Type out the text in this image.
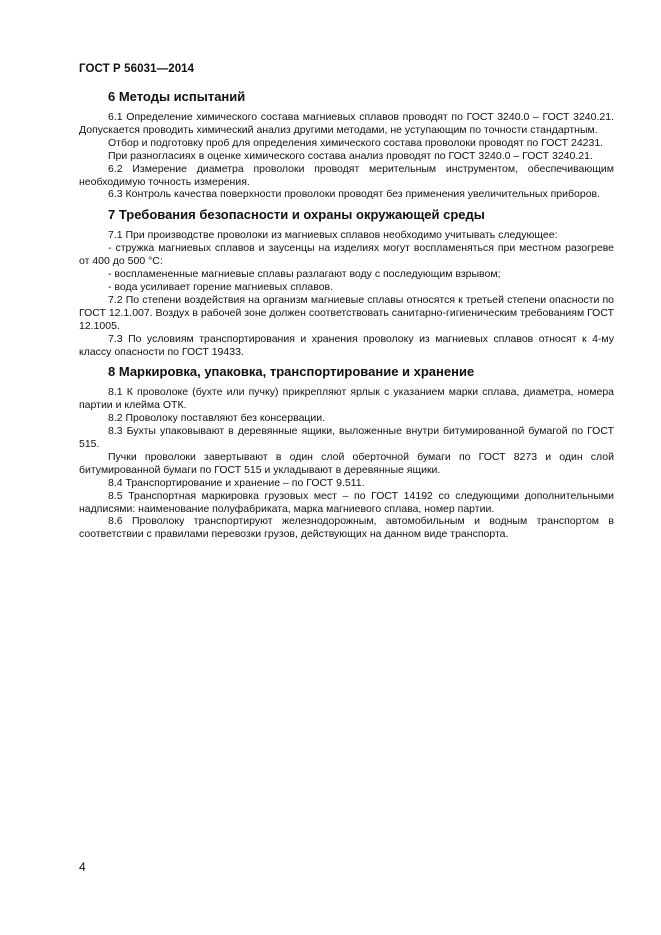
ГОСТ Р 56031—2014
6 Методы испытаний

6.1 Определение химического состава магниевых сплавов проводят по ГОСТ 3240.0 – ГОСТ 3240.21. Допускается проводить химический анализ другими методами, не уступающим по точности стандартным.

Отбор и подготовку проб для определения химического состава проволоки проводят по ГОСТ 24231.

При разногласиях в оценке химического состава анализ проводят по ГОСТ 3240.0 – ГОСТ 3240.21.

6.2 Измерение диаметра проволоки проводят мерительным инструментом, обеспечивающим необходимую точность измерения.

6.3 Контроль качества поверхности проволоки проводят без применения увеличительных приборов.

7 Требования безопасности и охраны окружающей среды

7.1 При производстве проволоки из магниевых сплавов необходимо учитывать следующее:

- стружка магниевых сплавов и заусенцы на изделиях могут воспламеняться при местном разогреве от 400 до 500 °C:

- воспламененные магниевые сплавы разлагают воду с последующим взрывом;

- вода усиливает горение магниевых сплавов.

7.2 По степени воздействия на организм магниевые сплавы относятся к третьей степени опасности по ГОСТ 12.1.007. Воздух в рабочей зоне должен соответствовать санитарно-гигиеническим требованиям ГОСТ 12.1005.

7.3 По условиям транспортирования и хранения проволоку из магниевых сплавов относят к 4-му классу опасности по ГОСТ 19433.

8 Маркировка, упаковка, транспортирование и хранение

8.1 К проволоке (бухте или пучку) прикрепляют ярлык с указанием марки сплава, диаметра, номера партии и клейма ОТК.

8.2 Проволоку поставляют без консервации.

8.3 Бухты упаковывают в деревянные ящики, выложенные внутри битумированной бумагой по ГОСТ 515.

Пучки проволоки завертывают в один слой оберточной бумаги по ГОСТ 8273 и один слой битумированной бумаги по ГОСТ 515 и укладывают в деревянные ящики.

8.4 Транспортирование и хранение – по ГОСТ 9.511.

8.5 Транспортная маркировка грузовых мест – по ГОСТ 14192 со следующими дополнительными надписями: наименование полуфабриката, марка магниевого сплава, номер партии.

8.6 Проволоку транспортируют железнодорожным, автомобильным и водным транспортом в соответствии с правилами перевозки грузов, действующих на данном виде транспорта.

4
